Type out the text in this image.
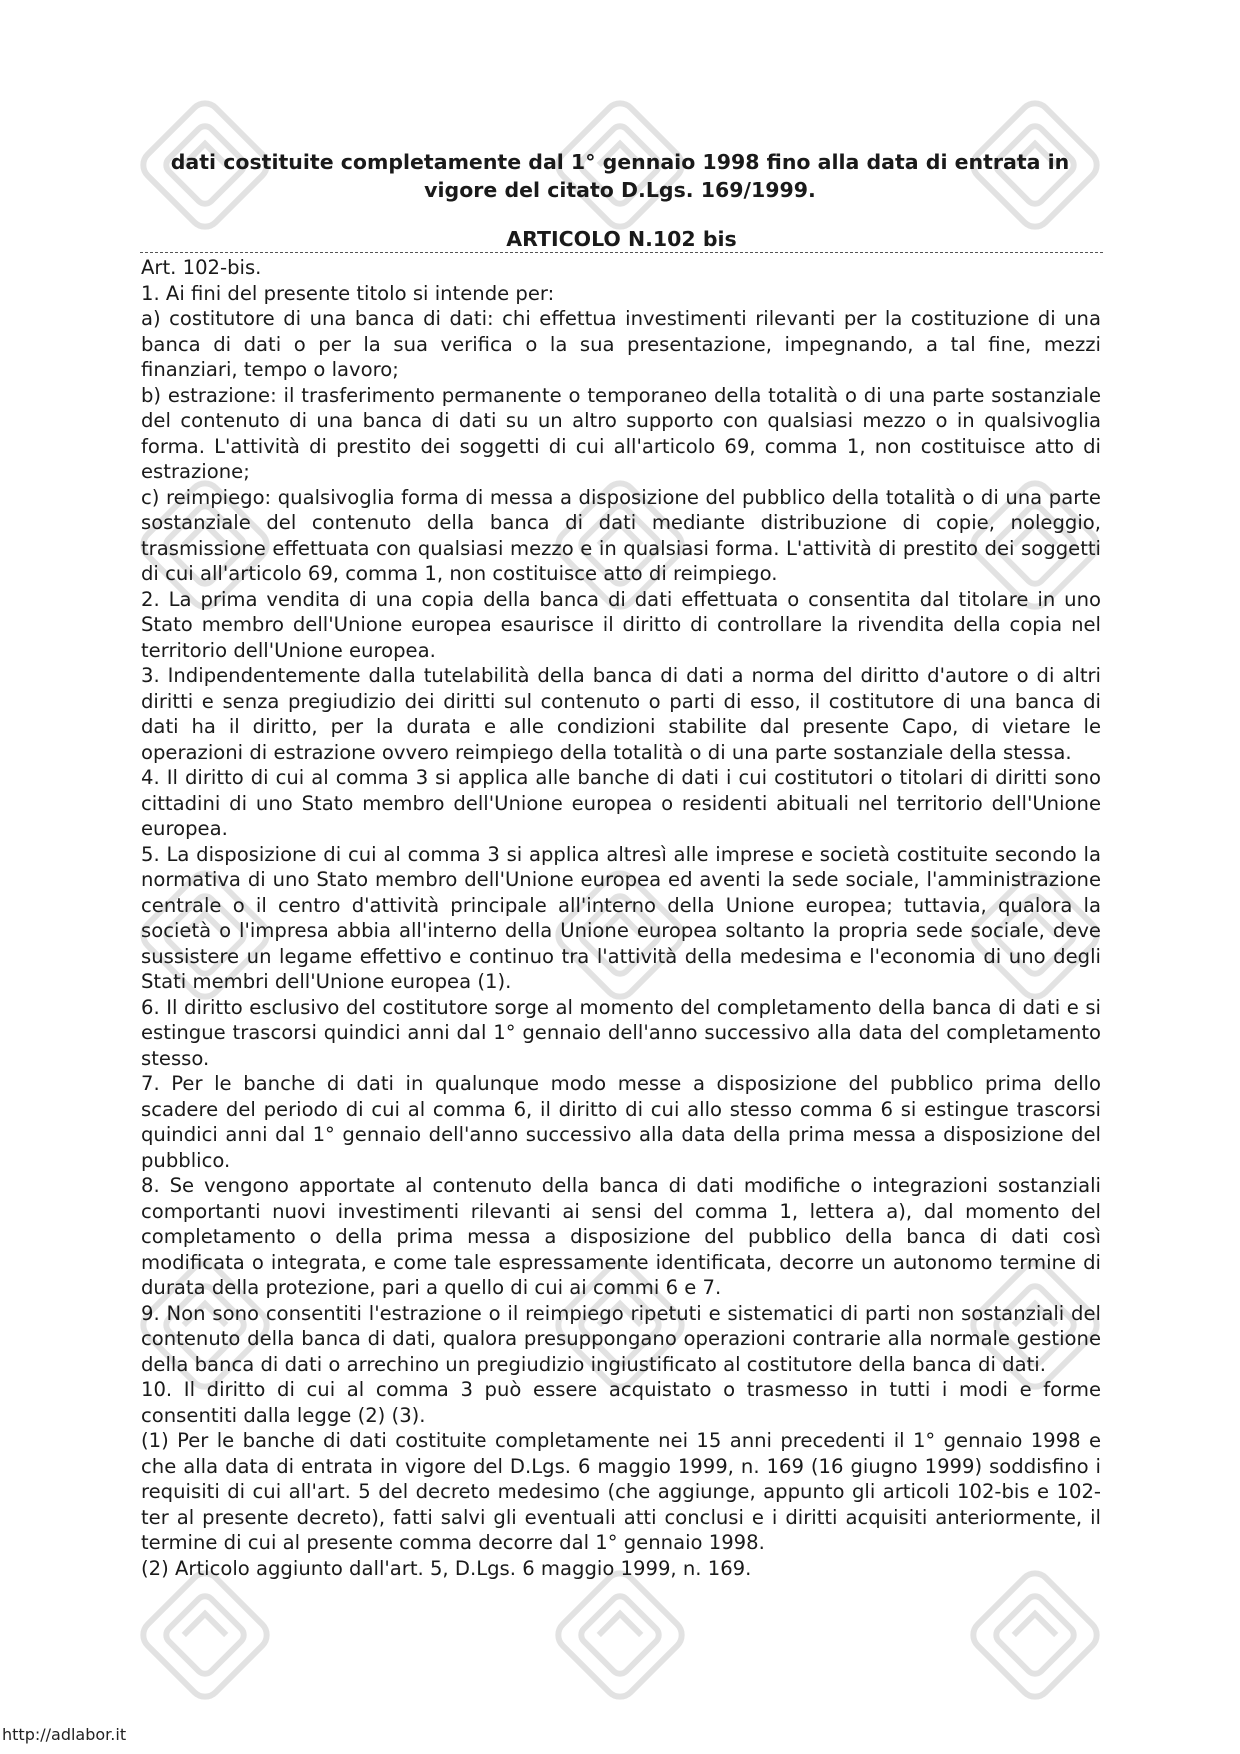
dati costituite completamente dal 1° gennaio 1998 fino alla data di entrata in
vigore del citato D.Lgs. 169/1999.
ARTICOLO N.102 bis

Art. 102-bis.

1. Ai fini del presente titolo si intende per:

a) costitutore di una banca di dati: chi effettua investimenti rilevanti per la costituzione di una banca di dati o per la sua verifica o la sua presentazione, impegnando, a tal fine, mezzi finanziari, tempo o lavoro;

b) estrazione: il trasferimento permanente o temporaneo della totalità o di una parte sostanziale del contenuto di una banca di dati su un altro supporto con qualsiasi mezzo o in qualsivoglia forma. L'attività di prestito dei soggetti di cui all'articolo 69, comma 1, non costituisce atto di estrazione;

c) reimpiego: qualsivoglia forma di messa a disposizione del pubblico della totalità o di una parte sostanziale del contenuto della banca di dati mediante distribuzione di copie, noleggio, trasmissione effettuata con qualsiasi mezzo e in qualsiasi forma. L'attività di prestito dei soggetti di cui all'articolo 69, comma 1, non costituisce atto di reimpiego.

2. La prima vendita di una copia della banca di dati effettuata o consentita dal titolare in uno Stato membro dell'Unione europea esaurisce il diritto di controllare la rivendita della copia nel territorio dell'Unione europea.

3. Indipendentemente dalla tutelabilità della banca di dati a norma del diritto d'autore o di altri diritti e senza pregiudizio dei diritti sul contenuto o parti di esso, il costitutore di una banca di dati ha il diritto, per la durata e alle condizioni stabilite dal presente Capo, di vietare le operazioni di estrazione ovvero reimpiego della totalità o di una parte sostanziale della stessa.

4. Il diritto di cui al comma 3 si applica alle banche di dati i cui costitutori o titolari di diritti sono cittadini di uno Stato membro dell'Unione europea o residenti abituali nel territorio dell'Unione europea.

5. La disposizione di cui al comma 3 si applica altresì alle imprese e società costituite secondo la normativa di uno Stato membro dell'Unione europea ed aventi la sede sociale, l'amministrazione centrale o il centro d'attività principale all'interno della Unione europea; tuttavia, qualora la società o l'impresa abbia all'interno della Unione europea soltanto la propria sede sociale, deve sussistere un legame effettivo e continuo tra l'attività della medesima e l'economia di uno degli Stati membri dell'Unione europea (1).

6. Il diritto esclusivo del costitutore sorge al momento del completamento della banca di dati e si estingue trascorsi quindici anni dal 1° gennaio dell'anno successivo alla data del completamento stesso.

7. Per le banche di dati in qualunque modo messe a disposizione del pubblico prima dello scadere del periodo di cui al comma 6, il diritto di cui allo stesso comma 6 si estingue trascorsi quindici anni dal 1° gennaio dell'anno successivo alla data della prima messa a disposizione del pubblico.

8. Se vengono apportate al contenuto della banca di dati modifiche o integrazioni sostanziali comportanti nuovi investimenti rilevanti ai sensi del comma 1, lettera a), dal momento del completamento o della prima messa a disposizione del pubblico della banca di dati così modificata o integrata, e come tale espressamente identificata, decorre un autonomo termine di durata della protezione, pari a quello di cui ai commi 6 e 7.

9. Non sono consentiti l'estrazione o il reimpiego ripetuti e sistematici di parti non sostanziali del contenuto della banca di dati, qualora presuppongano operazioni contrarie alla normale gestione della banca di dati o arrechino un pregiudizio ingiustificato al costitutore della banca di dati.

10. Il diritto di cui al comma 3 può essere acquistato o trasmesso in tutti i modi e forme consentiti dalla legge (2) (3).

(1) Per le banche di dati costituite completamente nei 15 anni precedenti il 1° gennaio 1998 e che alla data di entrata in vigore del D.Lgs. 6 maggio 1999, n. 169 (16 giugno 1999) soddisfino i requisiti di cui all'art. 5 del decreto medesimo (che aggiunge, appunto gli articoli 102-bis e 102-ter al presente decreto), fatti salvi gli eventuali atti conclusi e i diritti acquisiti anteriormente, il termine di cui al presente comma decorre dal 1° gennaio 1998.

(2) Articolo aggiunto dall'art. 5, D.Lgs. 6 maggio 1999, n. 169.

http://adlabor.it
